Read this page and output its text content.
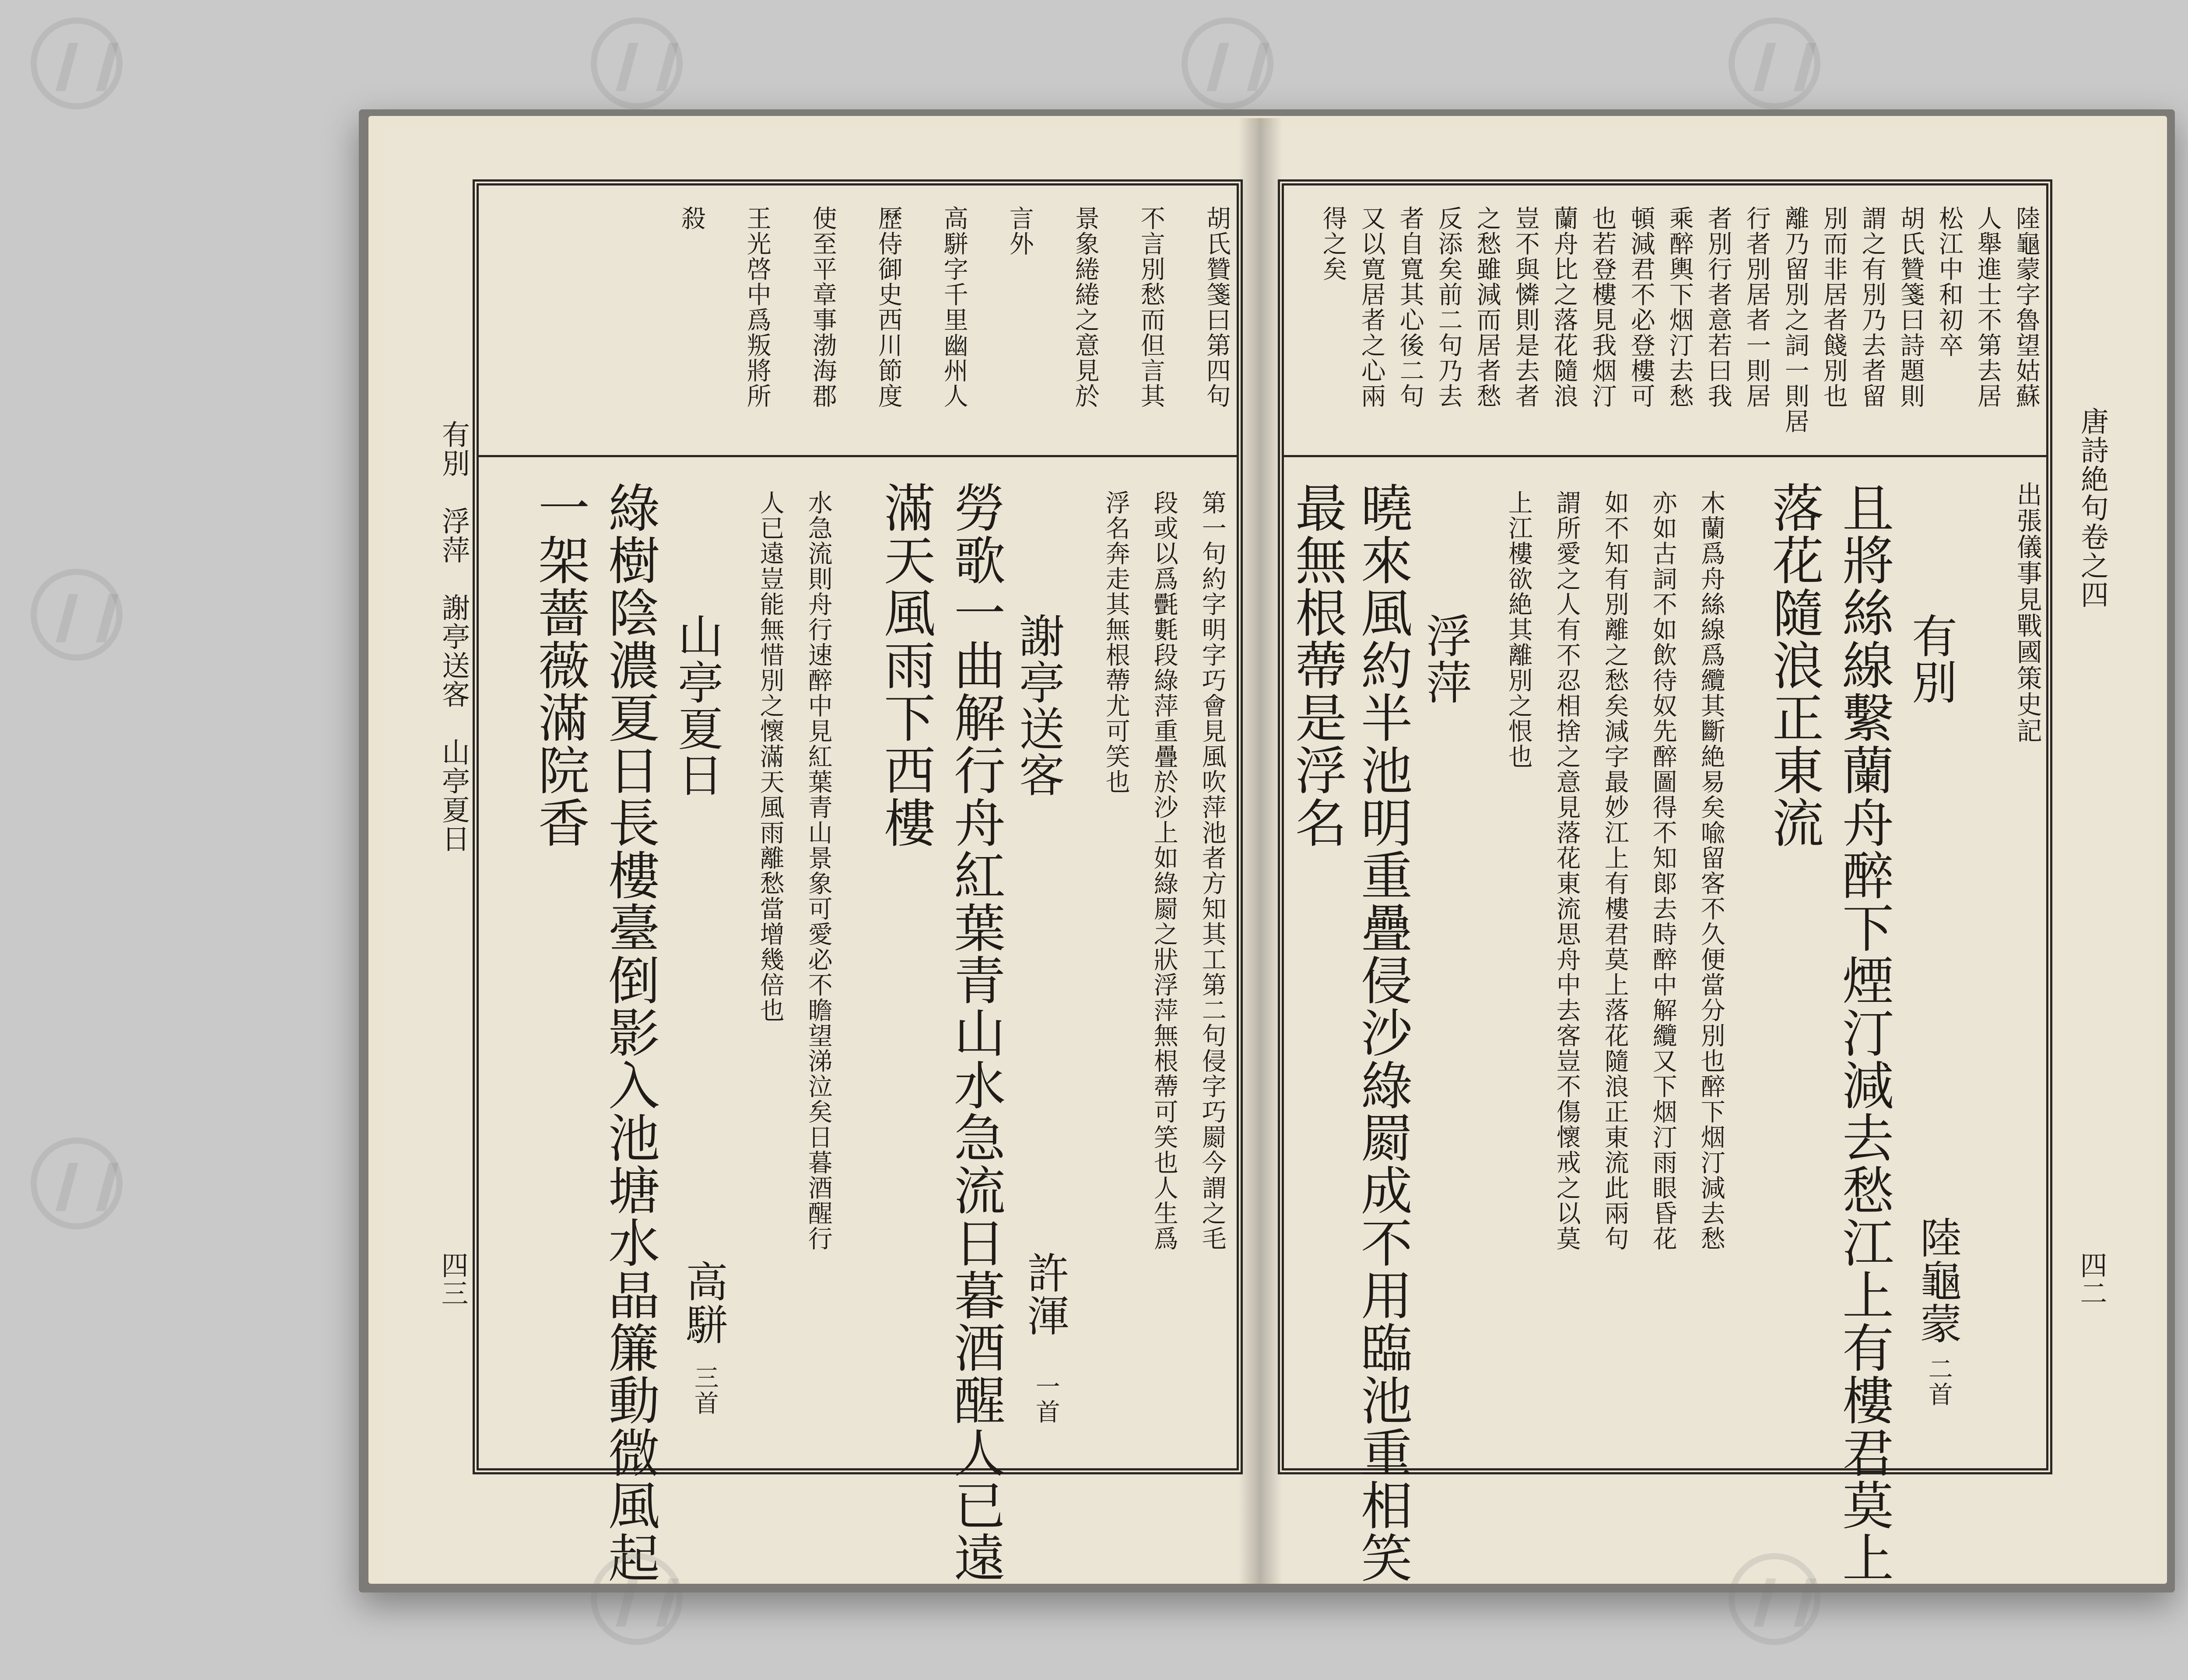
唐詩絶句卷之四
四二
陸龜蒙字魯望姑蘇
人舉進士不第去居
松江中和初卒
胡氏贊箋曰詩題則
謂之有別乃去者留
別而非居者餞別也
離乃留別之詞一則居
行者別居者一則居
者別行者意若曰我
乘醉輿下烟汀去愁
頓減君不必登樓可
也若登樓見我烟汀
蘭舟比之落花隨浪
豈不與憐則是去者
之愁雖減而居者愁
反添矣前二句乃去
者自寬其心後二句
又以寛居者之心兩
得之矣
出張儀事見戰國策史記
有別
陸龜蒙
二首
且將絲線繫蘭舟醉下煙汀減去愁江上有樓君莫上
落花隨浪正東流
木蘭爲舟絲線爲纜其斷絶易矣喩留客不久便當分別也醉下烟汀減去愁
亦如古詞不如飲待奴先醉圖得不知郞去時醉中解纜又下烟汀雨眼昏花
如不知有別離之愁矣減字最妙江上有樓君莫上落花隨浪正東流此兩句
謂所愛之人有不忍相捨之意見落花東流思舟中去客豈不傷懷戒之以莫
上江樓欲絶其離別之恨也
浮萍
曉來風約半池明重疊侵沙綠罽成不用臨池重相笑
最無根蔕是浮名
有別　浮萍　謝亭送客　山亭夏日
四三
胡氏贊箋曰第四句
不言別愁而但言其
景象綣綣之意見於
言外
高駢字千里幽州人
歷侍御史西川節度
使至平章事渤海郡
王光啓中爲叛將所
殺
第一句約字明字巧會見風吹萍池者方知其工第二句侵字巧罽今謂之毛
段或以爲㲲氀段綠萍重疊於沙上如綠罽之狀浮萍無根蔕可笑也人生爲
浮名奔走其無根蔕尤可笑也
謝亭送客
許渾
一首
勞歌一曲解行舟紅葉青山水急流日暮酒醒人已遠
滿天風雨下西樓
水急流則舟行速醉中見紅葉青山景象可愛必不瞻望涕泣矣日暮酒醒行
人已遠豈能無惜別之懷滿天風雨離愁當增幾倍也
山亭夏日
高駢
三首
綠樹陰濃夏日長樓臺倒影入池塘水晶簾動微風起
一架薔薇滿院香
